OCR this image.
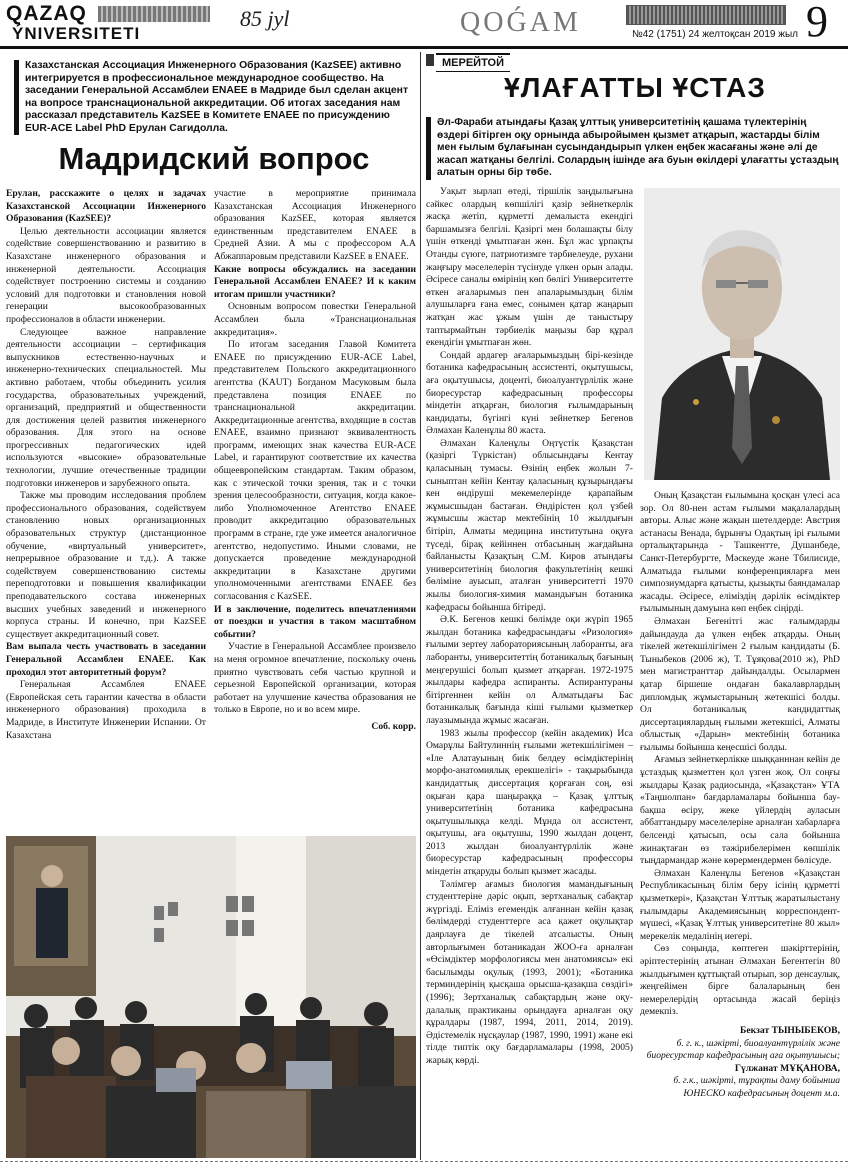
QAZAQ
ÝNIVERSITETI
85 jyl	QOǴAM	№42 (1751) 24 желтоқсан 2019 жыл 9
Казахстанская Ассоциация Инженерного Образования (KazSEE) активно интегрируется в профессиональное международное сообщество. На заседании Генеральной Ассамблеи ENAEE в Мадриде был сделан акцент на вопросе транснациональной аккредитации. Об итогах заседания нам рассказал представитель KazSEE в Комитете ENAEE по присуждению EUR-ACE Label PhD Ерулан Сагидолла.
Мадридский вопрос

Ерулан, расскажите о целях и задачах Казахстанской Ассоциации Инженерного Образования (KazSEE)?

Целью деятельности ассоциации является содействие совершенствованию и развитию в Казахстане инженерного образования и инженерной деятельности. Ассоциация содействует построению системы и созданию условий для подготовки и становления новой генерации высокообразованных профессионалов в области инженерии.

Следующее важное направление деятельности ассоциации – сертификация выпускников естественно-научных и инженерно-технических специальностей. Мы активно работаем, чтобы объединить усилия государства, образовательных учреждений, организаций, предприятий и общественности для достижения целей развития инженерного образования. Для этого на основе прогрессивных педагогических идей используются «высокие» образовательные технологии, лучшие отечественные традиции подготовки инженеров и зарубежного опыта.

Также мы проводим исследования проблем профессионального образования, содействуем становлению новых организационных образовательных структур (дистанционное обучение, «виртуальный университет», непрерывное образование и т.д.). А также содействуем совершенствованию системы переподготовки и повышения квалификации преподавательского состава инженерных высших учебных заведений и инженерного корпуса страны. И конечно, при KazSEE существует аккредитационный совет.

Вам выпала честь участвовать в заседании Генеральной Ассамблеи ENAEE. Как проходил этот авторитетный форум?

Генеральная Ассамблея ENAEE (Европейская сеть гарантии качества в области инженерного образования) проходила в Мадриде, в Институте Инженерии Испании. От Казахстана

участие в мероприятие принимала Казахстанская Ассоциация Инженерного образования KazSEE, которая является единственным представителем ENAEE в Средней Азии. А мы с профессором А.А Абжаппаровым представили KazSEE в ENAEE.

Какие вопросы обсуждались на заседании Генеральной Ассамблеи ENAEE? И к каким итогам пришли участники?

Основным вопросом повестки Генеральной Ассамблеи была «Транснациональная аккредитация».

По итогам заседания Главой Комитета ENAEE по присуждению EUR-ACE Label, представителем Польского аккредитационного агентства (KAUT) Богданом Масуковым была представлена позиция ENAEE по транснациональной аккредитации. Аккредитационные агентства, входящие в состав ENAEE, взаимно признают эквивалентность программ, имеющих знак качества EUR-ACE Label, и гарантируют соответствие их качества общеевропейским стандартам. Таким образом, как с этической точки зрения, так и с точки зрения целесообразности, ситуация, когда какое-либо Уполномоченное Агентство ENAEE проводит аккредитацию образовательных программ в стране, где уже имеется аналогичное агентство, недопустимо. Иными словами, не допускается проведение международной аккредитации в Казахстане другими уполномоченными агентствами ENAEE без согласования с KazSEE.

И в заключение, поделитесь впечатлениями от поездки и участия в таком масштабном событии?

Участие в Генеральной Ассамблее произвело на меня огромное впечатление, поскольку очень приятно чувствовать себя частью крупной и серьезной Европейской организации, которая работает на улучшение качества образования не только в Европе, но и во всем мире.

Соб. корр.

МЕРЕЙТОЙ
ҰЛАҒАТТЫ ҰСТАЗ
Әл-Фараби атындағы Қазақ ұлттық университетінің қашама түлектерінің өздері бітірген оқу орнында абыройымен қызмет атқарып, жастарды білім мен ғылым бұлағынан сусындандырып үлкен еңбек жасағаны және әлі де жасап жатқаны белгілі. Солардың ішінде аға буын өкілдері ұлағатты ұстаздың алатын орны бір төбе.

Уақыт зырлап өтеді, тіршілік заңдылығына сәйкес олардың көпшілігі қазір зейнеткерлік жасқа жетіп, құрметті демалыста екендігі баршамызға белгілі. Қазіргі мен болашақты білу үшін өткенді ұмытпаған жөн. Бұл жас ұрпақты Отанды сүюге, патриотизмге тәрбиелеуде, рухани жаңғыру мәселелерін түсінуде үлкен орын алады. Әсіресе саналы өмірінің көп бөлігі Университетте өткен ағаларымыз пен апаларымыздың білім алушыларға ғана емес, сонымен қатар жаңарып жатқан жас ұжым үшін де таныстыру таптырмайтын тәрбиелік маңызы бар құрал екендігін ұмытпаған жөн.

Сондай ардагер ағаларымыздың бірі-кезінде ботаника кафедрасының ассистенті, оқытушысы, аға оқытушысы, доценті, биоалуантүрлілік және биоресурстар кафедрасының профессоры міндетін атқарған, биология ғылымдарының кандидаты, бүгінгі күні зейнеткер Бегенов Әлмахан Каленұлы 80 жаста.

Әлмахан Каленұлы Оңтүстік Қазақстан (қазіргі Түркістан) облысындағы Кентау қаласының тумасы. Өзінің еңбек жолын 7-сыныптан кейін Кентау қаласының құзырындағы кен өндіруші мекемелерінде қарапайым жұмысшыдан бастаған. Өндірістен қол үзбей жұмысшы жастар мектебінің 10 жылдығын бітіріп, Алматы медицина институтына оқуға түседі, бірақ кейіннен отбасының жағдайына байланысты Қазақтың С.М. Киров атындағы университетінің биология факультетінің кешкі бөлiмiне ауысып, аталған университетті 1970 жылы биология-химия мамандығын ботаника кафедрасы бойынша бітіреді.

Ә.К. Бегенов кешкі бөлімде оқи жүріп 1965 жылдан ботаника кафедрасындағы «Ризология» ғылыми зертеу лабораториясының лаборанты, аға лаборанты, университеттің ботаникалық бағының меңгерушісі болып қызмет атқарған. 1972-1975 жылдары кафедра аспиранты. Аспирантураны бітіргеннен кейін ол Алматыдағы Бас ботаникалық бағында кіші ғылыми қызметкер лауазымында жұмыс жасаған.

1983 жылы профессор (кейін академик) Иса Омарұлы Байтулиннің ғылыми жетекшілігімен – «Іле Алатауының биік белдеу өсімдіктерінің морфо-анатомиялық ерекшелігі» - тақырыбында кандидаттық диссертация қорғаған соң, өзі оқыған қара шаңыраққа – Қазақ ұлттық университетінің ботаника кафедрасына оқытушылыққа келді. Мұнда ол ассистент, оқытушы, аға оқытушы, 1990 жылдан доцент, 2013 жылдан биоалуантүрлілік және биоресурстар кафедрасының профессоры міндетін атқаруды болып қызмет жасады.

Тәлімгер ағамыз биология мамандығының студенттеріне дәріс оқып, зертханалық сабақтар жүргізді. Еліміз егемендік алғаннан кейін қазақ бөлімдерді студенттерге аса қажет оқулықтар даярлауға де тікелей атсалысты. Оның авторлығымен ботаникадан ЖОО-ға арналған «Өсімдіктер морфологиясы мен анатомиясы» екі басылымды оқулық (1993, 2001); «Ботаника терминдерінің қысқаша орысша-қазақша сөздігі» (1996); Зертханалық сабақтардың және оқу-далалық практиканы орындауға арналған оқу құралдары (1987, 1994, 2011, 2014, 2019). Әдістемелік нұсқаулар (1987, 1990, 1991) және екі тілде типтік оқу бағдарламалары (1998, 2005) жарық көрді.

Оның Қазақстан ғылымына қосқан үлесі аса зор. Ол 80-нен астам ғылыми мақалалардың авторы. Алыс және жақын шетелдерде: Австрия астанасы Венада, бұрынғы Одақтың ірі ғылыми орталықтарында - Ташкентте, Душанбеде, Санкт-Петербургте, Мәскеуде және Тбилисиде, Алматыда ғылыми конференцияларға мен симпозиумдарға қатысты, қызықты баяндамалар жасады. Әсіресе, еліміздің дәрілік өсімдіктер ғылымының дамуына көп еңбек сіңірді.

Әлмахан Бегенітгі жас ғалымдарды дайындауда да үлкен еңбек атқарды. Оның тікелей жетекшілігімен 2 ғылым кандидаты (Б. Тыныбеков (2006 ж), Т. Тұяқова(2010 ж), PhD мен магистранттар дайындалды. Осылармен қатар біршеше ондаған бакалаврлардың дипломдық жұмыстарының жетекшісі болды. Ол ботаникалық кандидаттық диссертациялардың ғылыми жетекшісі, Алматы облыстық «Дарын» мектебінің ботаника ғылымы бойынша кеңесшісі болды.

Ағамыз зейнеткерлікке шыққанннан кейін де ұстаздық қызметтен қол үзген жоқ. Ол соңғы жылдары Қазақ радиосында, «Қазақстан» ҰТА «Таңшолпан» бағдарламалары бойынша бау-бақша өсіру, жеке үйлердің ауласын аббаттандыру мәселелеріне арналған хабарларға белсенді қатысып, осы сала бойынша жинақтаған өз тәжірибелерімен көпшілік тыңдармандар және көрермендермен бөлісуде.

Әлмахан Каленұлы Бегенов «Қазақстан Республикасының білім беру ісінің құрметті қызметкері», Қазақстан Ұлттық жаратылыстану ғылымдары Академиясының корреспондент-мүшесі, «Қазақ Ұлттық университетіне 80 жыл» мерекелік медалінің иегері.

Сөз соңында, көптеген шәкірттерінің, әріптестерінің атынан Әлмахан Бегентегін 80 жылдығымен құттықтай отырып, зор денсаулық, жеңгейімен бірге балаларының бен немерелерідің ортасында жасай беріңіз демекпіз.

Бекзат ТЫНЫБЕКОВ,

б. г. к., шәкірті, биоалуантүрлілік және биоресурстар кафедрасының аға оқытушысы;

Гүлжанат МҰҚАНОВА,

б. г.к., шәкірті, тұрақты даму бойынша ЮНЕСКО кафедрасының доцент м.а.
